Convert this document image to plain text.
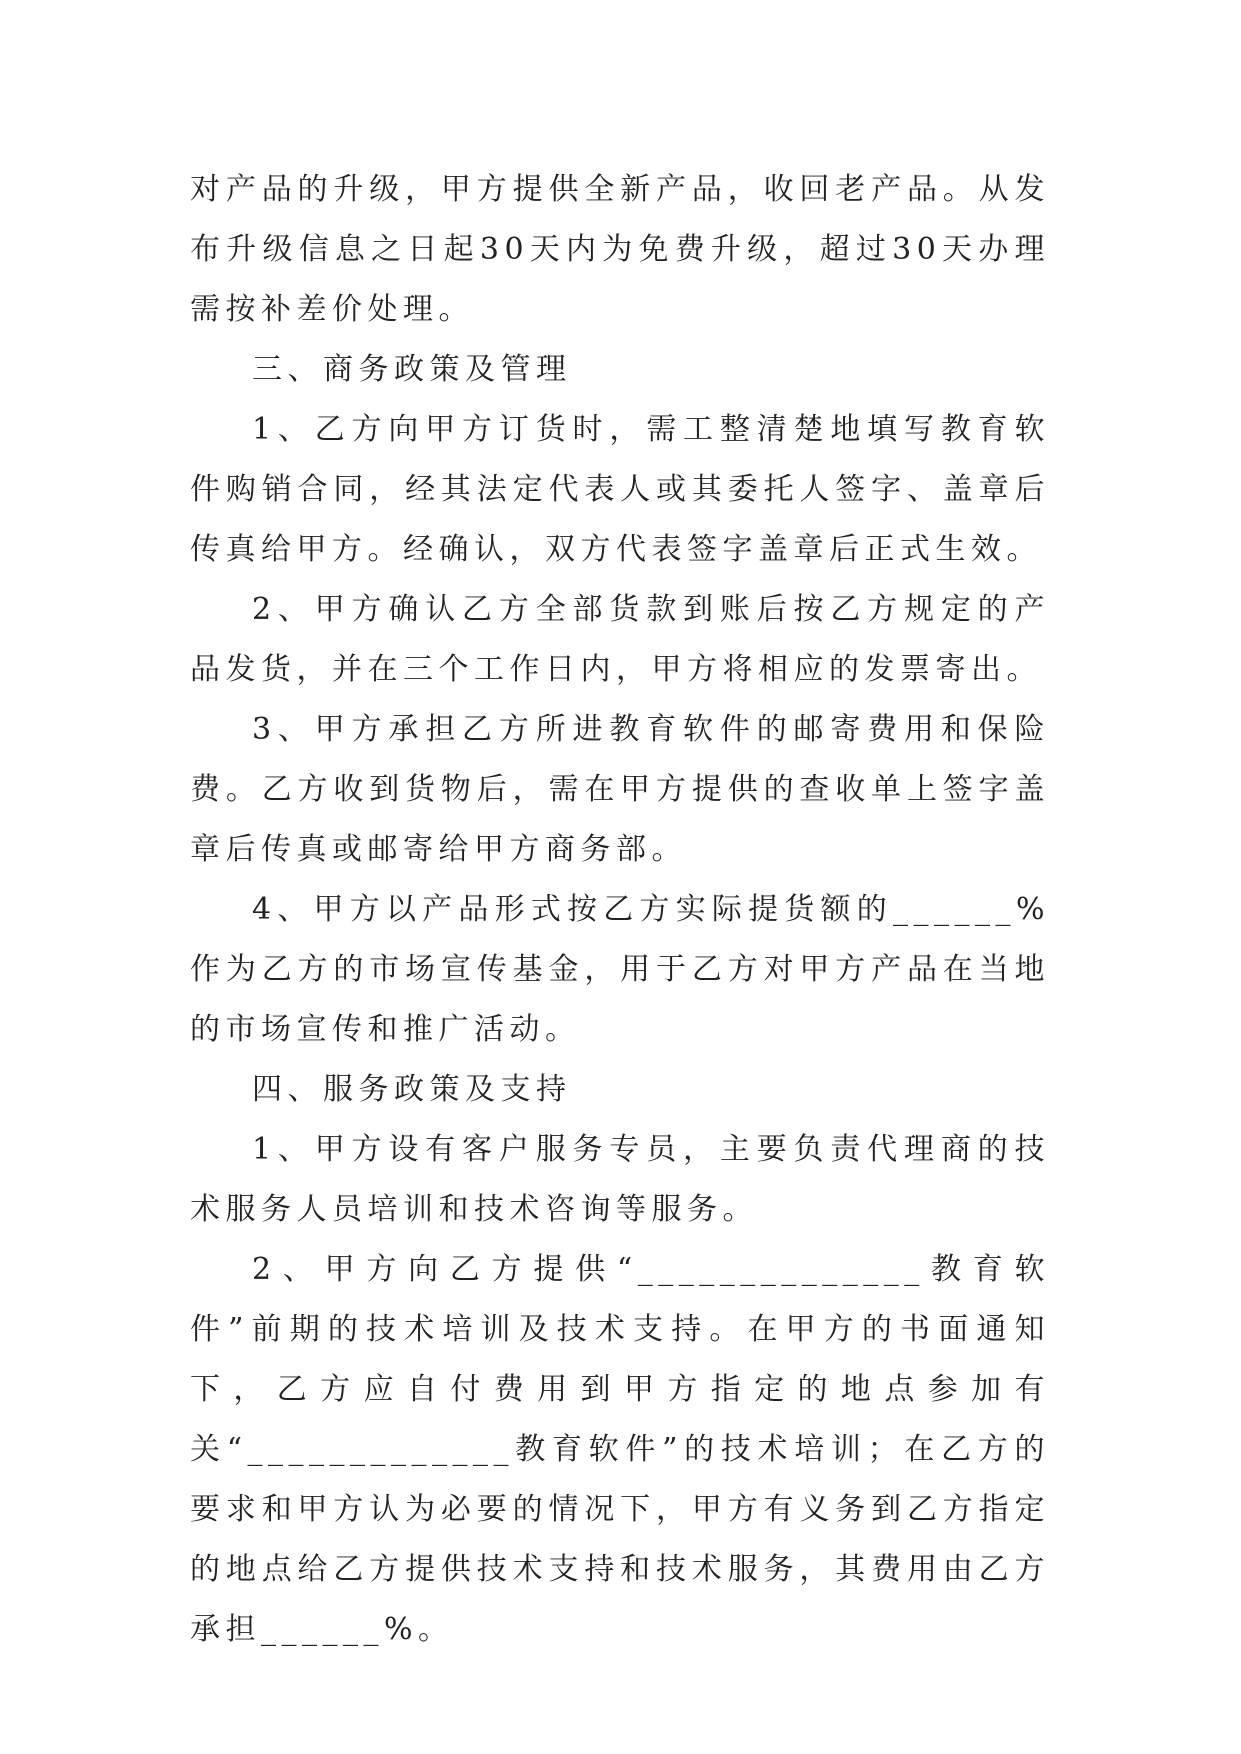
对产品的升级，甲方提供全新产品，收回老产品。从发布升级信息之日起30天内为免费升级，超过30天办理需按补差价处理。

三、商务政策及管理

1、乙方向甲方订货时，需工整清楚地填写教育软件购销合同，经其法定代表人或其委托人签字、盖章后传真给甲方。经确认，双方代表签字盖章后正式生效。

2、甲方确认乙方全部货款到账后按乙方规定的产品发货，并在三个工作日内，甲方将相应的发票寄出。

3、甲方承担乙方所进教育软件的邮寄费用和保险费。乙方收到货物后，需在甲方提供的查收单上签字盖章后传真或邮寄给甲方商务部。

4、甲方以产品形式按乙方实际提货额的______%作为乙方的市场宣传基金，用于乙方对甲方产品在当地的市场宣传和推广活动。

四、服务政策及支持

1、甲方设有客户服务专员，主要负责代理商的技术服务人员培训和技术咨询等服务。

2、甲方向乙方提供“______________教育软件”前期的技术培训及技术支持。在甲方的书面通知下，乙方应自付费用到甲方指定的地点参加有关“_____________教育软件”的技术培训；在乙方的要求和甲方认为必要的情况下，甲方有义务到乙方指定的地点给乙方提供技术支持和技术服务，其费用由乙方承担______%。
